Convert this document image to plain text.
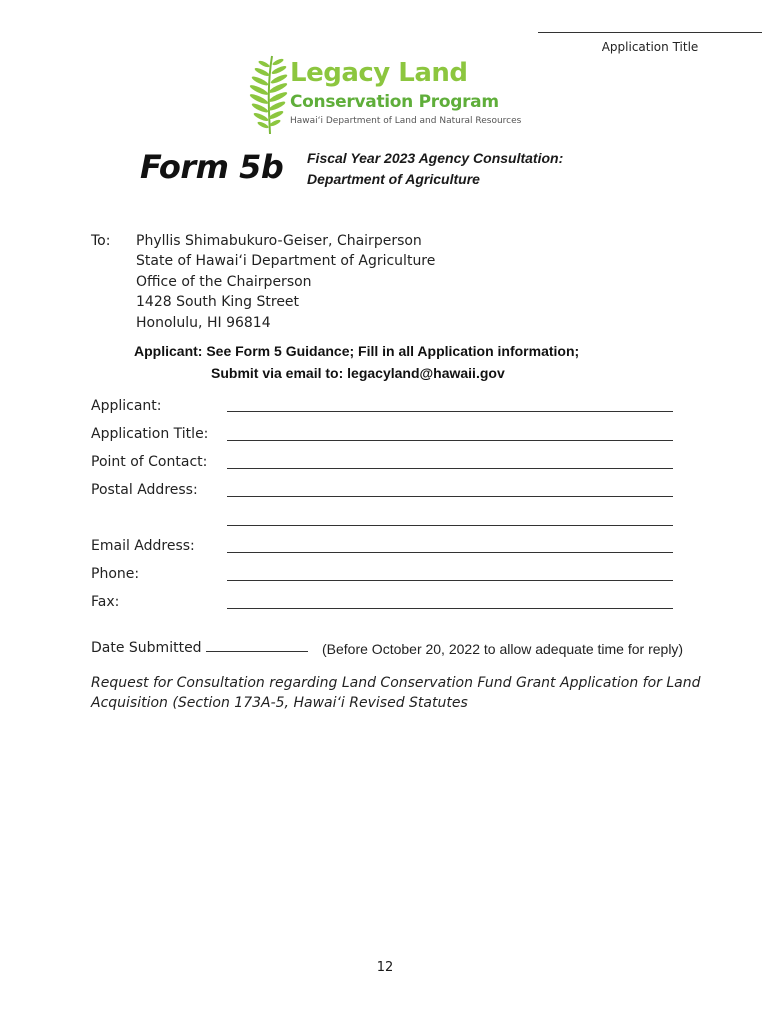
Application Title
Legacy Land
Conservation Program
Hawai‘i Department of Land and Natural Resources
Form 5b Fiscal Year 2023 Agency Consultation:
Department of Agriculture
To: Phyllis Shimabukuro-Geiser, Chairperson
State of Hawai‘i Department of Agriculture
Office of the Chairperson
1428 South King Street
Honolulu, HI 96814
Applicant: See Form 5 Guidance; Fill in all Application information;
Submit via email to: legacyland@hawaii.gov
Applicant:
Application Title:
Point of Contact:
Postal Address:
Email Address:
Phone:
Fax:
Date Submitted	(Before October 20, 2022 to allow adequate time for reply)
Request for Consultation regarding Land Conservation Fund Grant Application for Land Acquisition (Section 173A-5, Hawai‘i Revised Statutes
12
